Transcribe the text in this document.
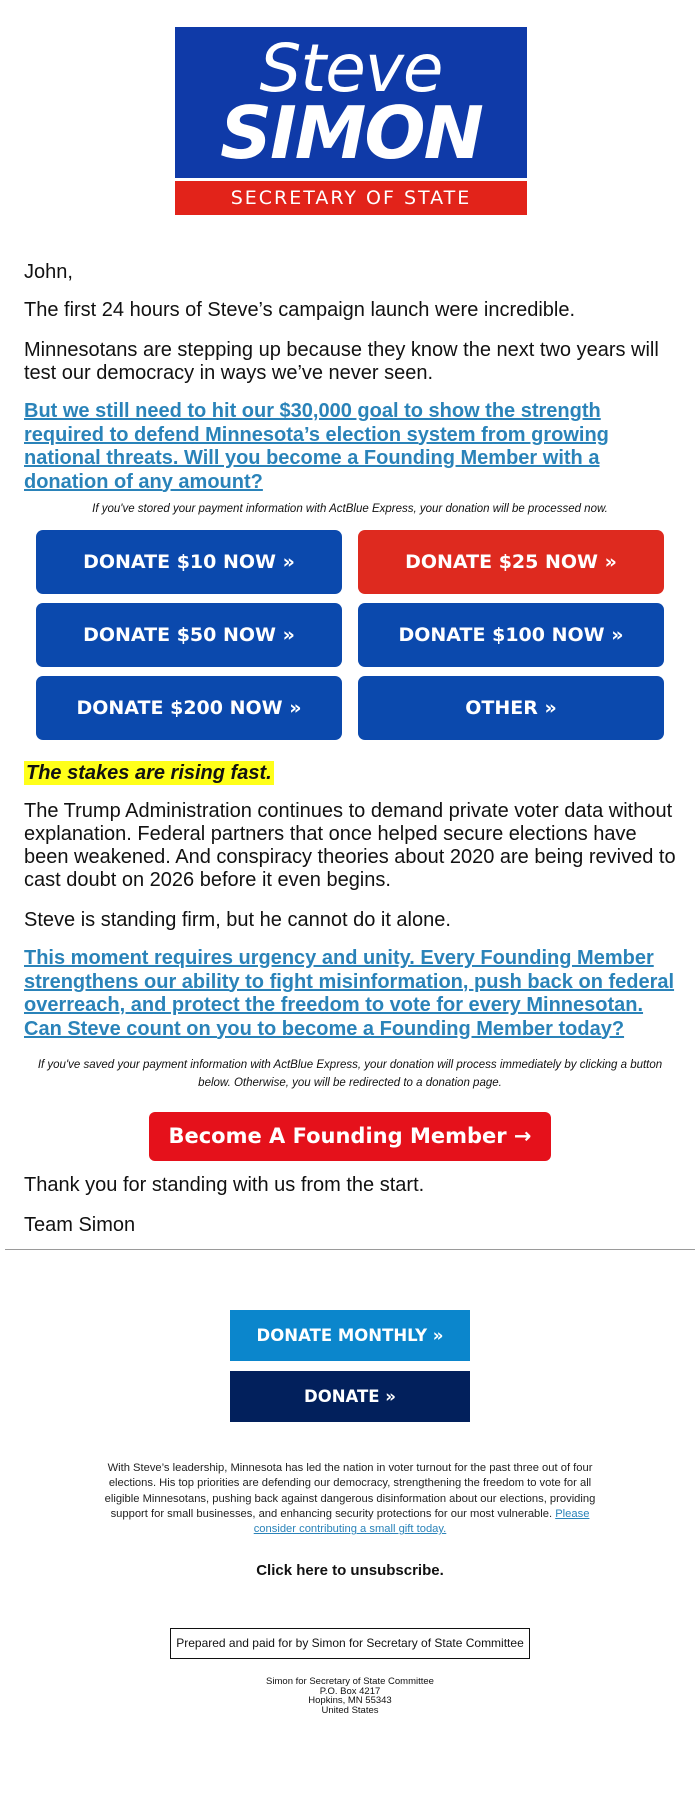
Steve
SIMON
SECRETARY OF STATE
John,
The first 24 hours of Steve’s campaign launch were incredible.
Minnesotans are stepping up because they know the next two years will test our democracy in ways we’ve never seen.
But we still need to hit our $30,000 goal to show the strength required to defend Minnesota’s election system from growing national threats. Will you become a Founding Member with a donation of any amount?
If you've stored your payment information with ActBlue Express, your donation will be processed now.
DONATE $10 NOW »	DONATE $25 NOW »
DONATE $50 NOW »	DONATE $100 NOW »
DONATE $200 NOW »	OTHER »
The stakes are rising fast.
The Trump Administration continues to demand private voter data without explanation. Federal partners that once helped secure elections have been weakened. And conspiracy theories about 2020 are being revived to cast doubt on 2026 before it even begins.
Steve is standing firm, but he cannot do it alone.
This moment requires urgency and unity. Every Founding Member strengthens our ability to fight misinformation, push back on federal overreach, and protect the freedom to vote for every Minnesotan. Can Steve count on you to become a Founding Member today?
If you've saved your payment information with ActBlue Express, your donation will process immediately by clicking a button below. Otherwise, you will be redirected to a donation page.
Become A Founding Member →
Thank you for standing with us from the start.
Team Simon
DONATE MONTHLY »
DONATE »
With Steve’s leadership, Minnesota has led the nation in voter turnout for the past three out of four elections. His top priorities are defending our democracy, strengthening the freedom to vote for all eligible Minnesotans, pushing back against dangerous disinformation about our elections, providing support for small businesses, and enhancing security protections for our most vulnerable. Please consider contributing a small gift today.
Click here to unsubscribe.
Prepared and paid for by Simon for Secretary of State Committee
Simon for Secretary of State Committee
P.O. Box 4217
Hopkins, MN 55343
United States
